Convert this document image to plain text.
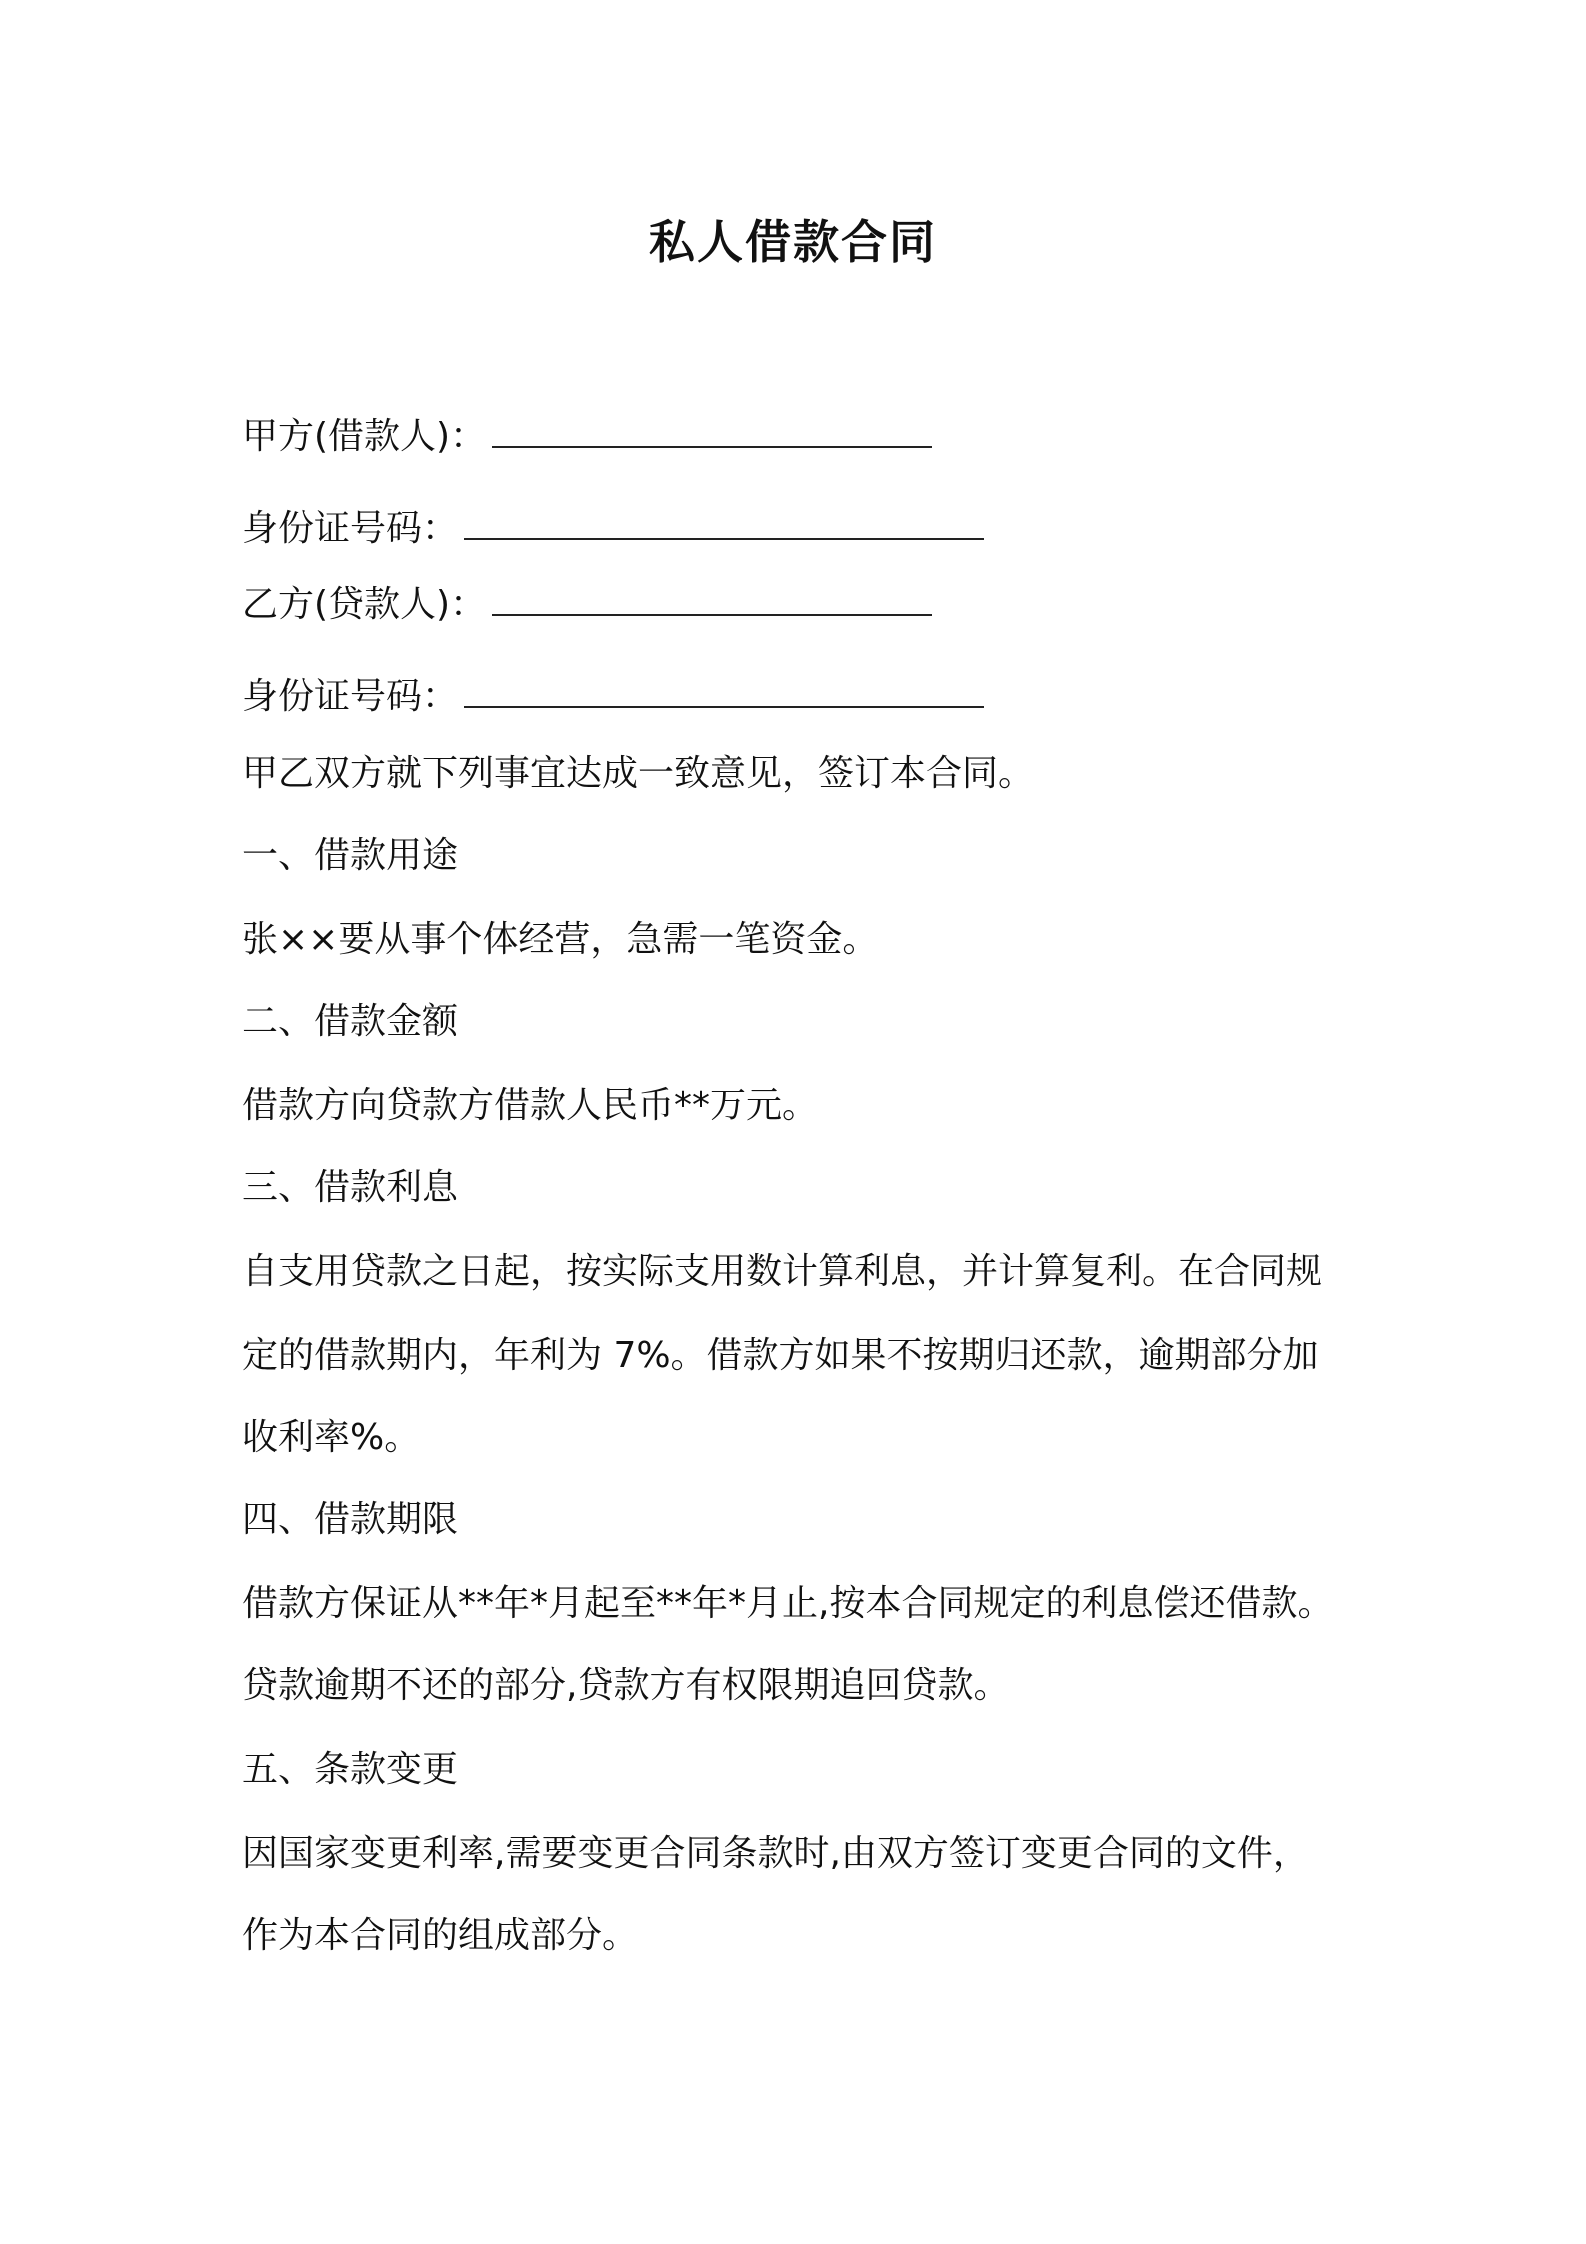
私人借款合同
甲方(借款人)：
身份证号码：
乙方(贷款人)：
身份证号码：
甲乙双方就下列事宜达成一致意见，签订本合同。
一、借款用途
张××要从事个体经营，急需一笔资金。
二、借款金额
借款方向贷款方借款人民币**万元。
三、借款利息
自支用贷款之日起，按实际支用数计算利息，并计算复利。在合同规
定的借款期内，年利为 7%。借款方如果不按期归还款，逾期部分加
收利率%。
四、借款期限
借款方保证从**年*月起至**年*月止,按本合同规定的利息偿还借款。
贷款逾期不还的部分,贷款方有权限期追回贷款。
五、条款变更
因国家变更利率,需要变更合同条款时,由双方签订变更合同的文件，
作为本合同的组成部分。
